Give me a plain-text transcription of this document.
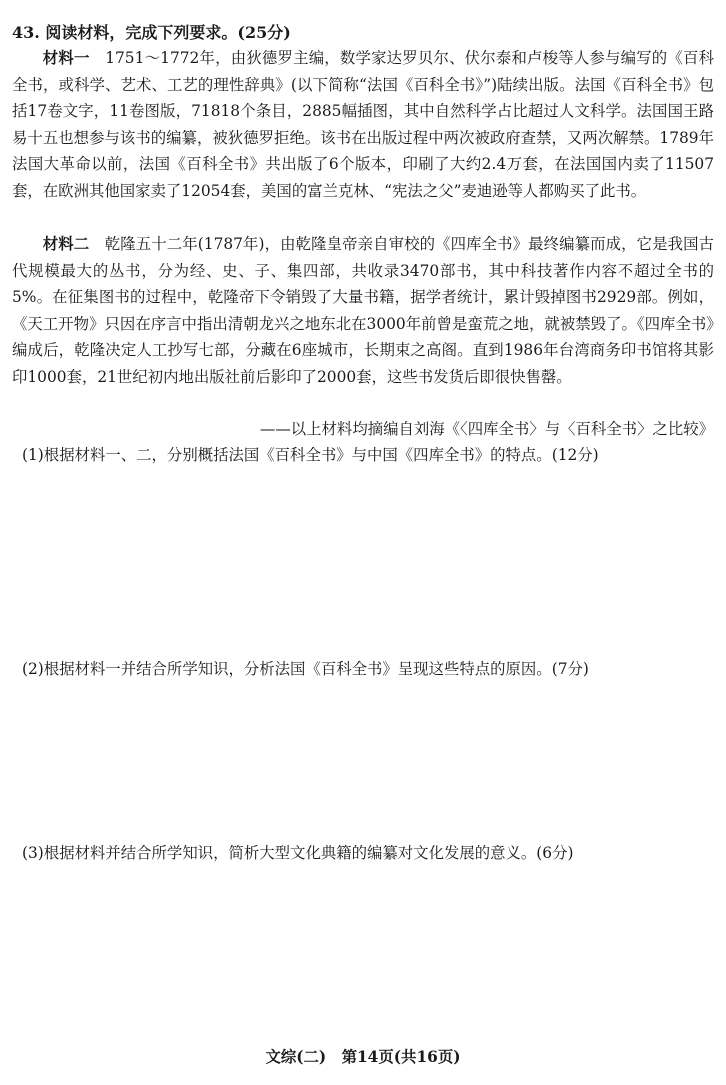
43. 阅读材料，完成下列要求。(25分)
材料一　1751～1772年，由狄德罗主编，数学家达罗贝尔、伏尔泰和卢梭等人参与编写的《百科全书，或科学、艺术、工艺的理性辞典》(以下简称“法国《百科全书》”)陆续出版。法国《百科全书》包括17卷文字，11卷图版，71818个条目，2885幅插图，其中自然科学占比超过人文科学。法国国王路易十五也想参与该书的编纂，被狄德罗拒绝。该书在出版过程中两次被政府查禁，又两次解禁。1789年法国大革命以前，法国《百科全书》共出版了6个版本，印刷了大约2.4万套，在法国国内卖了11507套，在欧洲其他国家卖了12054套，美国的富兰克林、“宪法之父”麦迪逊等人都购买了此书。
材料二　乾隆五十二年(1787年)，由乾隆皇帝亲自审校的《四库全书》最终编纂而成，它是我国古代规模最大的丛书，分为经、史、子、集四部，共收录3470部书，其中科技著作内容不超过全书的5%。在征集图书的过程中，乾隆帝下令销毁了大量书籍，据学者统计，累计毁掉图书2929部。例如，《天工开物》只因在序言中指出清朝龙兴之地东北在3000年前曾是蛮荒之地，就被禁毁了。《四库全书》编成后，乾隆决定人工抄写七部，分藏在6座城市，长期束之高阁。直到1986年台湾商务印书馆将其影印1000套，21世纪初内地出版社前后影印了2000套，这些书发货后即很快售罄。
——以上材料均摘编自刘海《〈四库全书〉与〈百科全书〉之比较》
(1)根据材料一、二，分别概括法国《百科全书》与中国《四库全书》的特点。(12分)
(2)根据材料一并结合所学知识，分析法国《百科全书》呈现这些特点的原因。(7分)
(3)根据材料并结合所学知识，简析大型文化典籍的编纂对文化发展的意义。(6分)
文综(二)　第14页(共16页)
